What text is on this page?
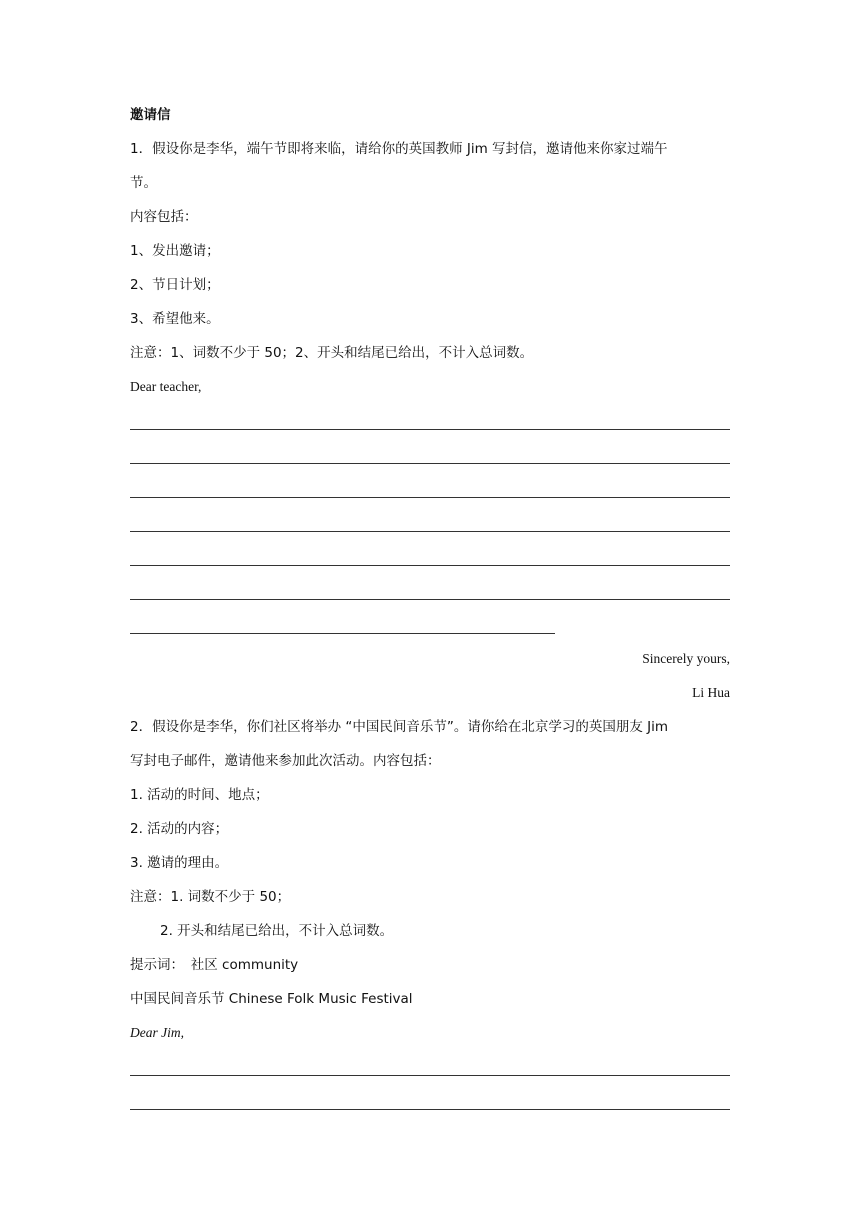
邀请信
1．假设你是李华，端午节即将来临，请给你的英国教师 Jim 写封信，邀请他来你家过端午
节。
内容包括：
1、发出邀请；
2、节日计划；
3、希望他来。
注意：1、词数不少于 50；2、开头和结尾已给出，不计入总词数。
Dear teacher,
Sincerely yours,
Li Hua
2．假设你是李华，你们社区将举办 “中国民间音乐节”。请你给在北京学习的英国朋友 Jim
写封电子邮件，邀请他来参加此次活动。内容包括：
1. 活动的时间、地点；
2. 活动的内容；
3. 邀请的理由。
注意：1. 词数不少于 50；
2. 开头和结尾已给出，不计入总词数。
提示词：　社区 community
中国民间音乐节 Chinese Folk Music Festival
Dear Jim,
